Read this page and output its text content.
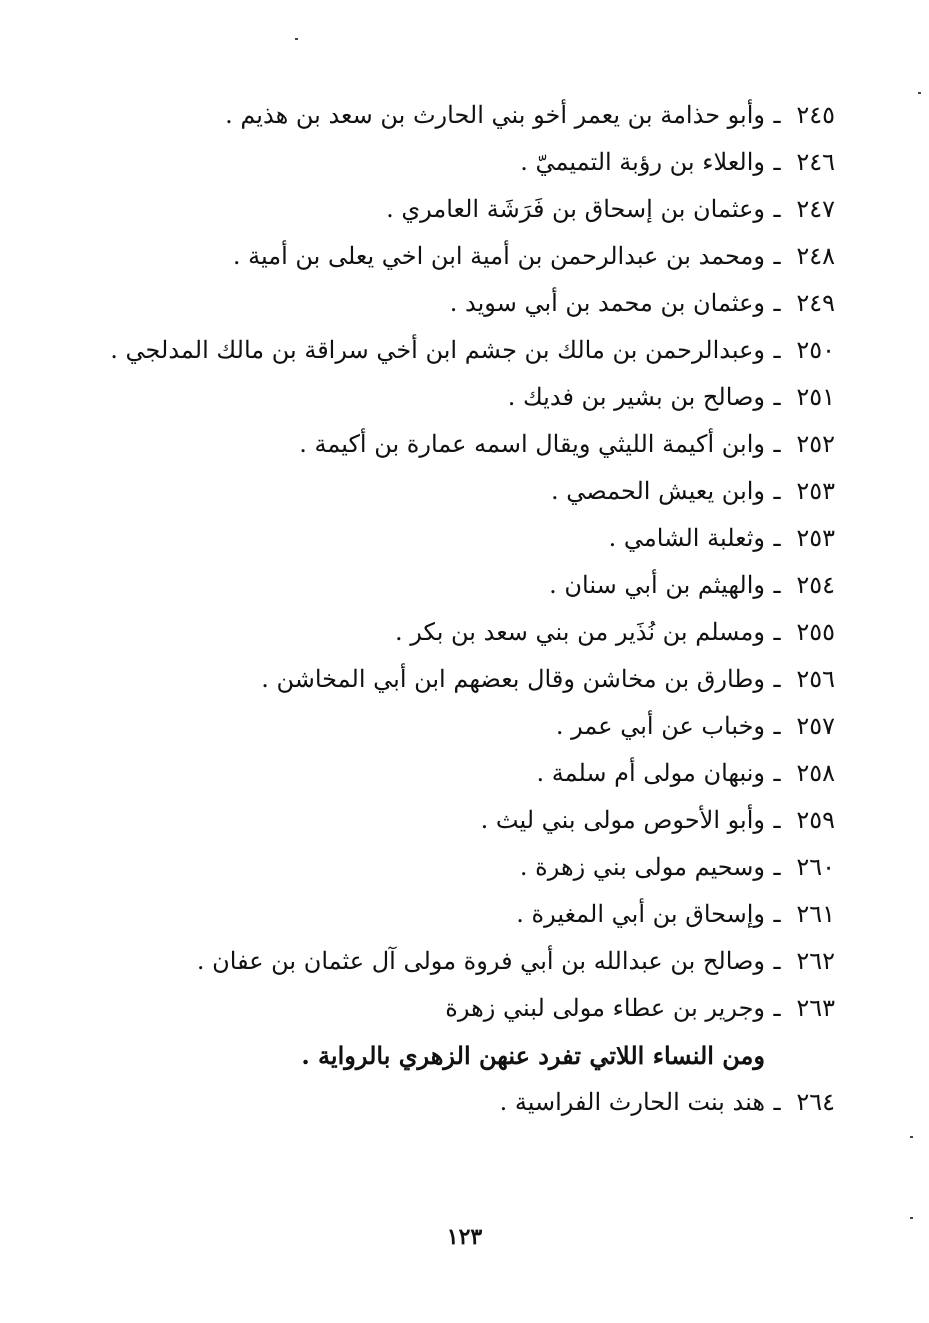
٢٤٥
ـ
وأبو حذامة بن يعمر أخو بني الحارث بن سعد بن هذيم .
٢٤٦
ـ
والعلاء بن رؤبة التميميّ .
٢٤٧
ـ
وعثمان بن إسحاق بن فَرَشَة العامري .
٢٤٨
ـ
ومحمد بن عبدالرحمن بن أمية ابن اخي يعلى بن أمية .
٢٤٩
ـ
وعثمان بن محمد بن أبي سويد .
٢٥٠
ـ
وعبدالرحمن بن مالك بن جشم ابن أخي سراقة بن مالك المدلجي .
٢٥١
ـ
وصالح بن بشير بن فديك .
٢٥٢
ـ
وابن أكيمة الليثي ويقال اسمه عمارة بن أكيمة .
٢٥٣
ـ
وابن يعيش الحمصي .
٢٥٣
ـ
وثعلبة الشامي .
٢٥٤
ـ
والهيثم بن أبي سنان .
٢٥٥
ـ
ومسلم بن نُذَير من بني سعد بن بكر .
٢٥٦
ـ
وطارق بن مخاشن وقال بعضهم ابن أبي المخاشن .
٢٥٧
ـ
وخباب عن أبي عمر .
٢٥٨
ـ
ونبهان مولى أم سلمة .
٢٥٩
ـ
وأبو الأحوص مولى بني ليث .
٢٦٠
ـ
وسحيم مولى بني زهرة .
٢٦١
ـ
وإسحاق بن أبي المغيرة .
٢٦٢
ـ
وصالح بن عبدالله بن أبي فروة مولى آل عثمان بن عفان .
٢٦٣
ـ
وجرير بن عطاء مولى لبني زهرة
ومن النساء اللاتي تفرد عنهن الزهري بالرواية .
٢٦٤
ـ
هند بنت الحارث الفراسية .
١٢٣
